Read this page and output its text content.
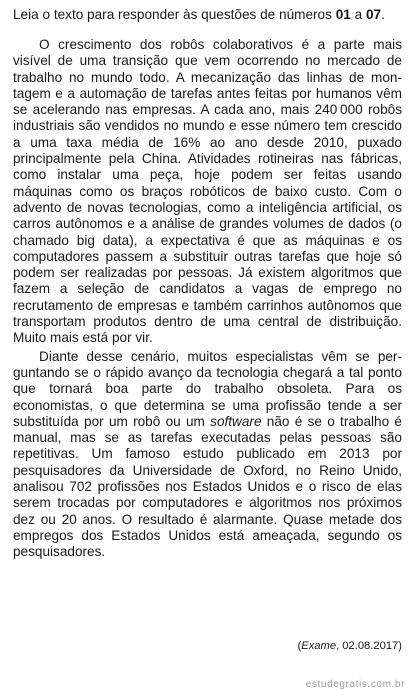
Leia o texto para responder às questões de números 01 a 07.

O crescimento dos robôs colaborativos é a parte mais visível de uma transição que vem ocorrendo no mercado de trabalho no mundo todo. A mecanização das linhas de montagem e a automação de tarefas antes feitas por humanos vêm se acelerando nas empresas. A cada ano, mais 240 000 robôs industriais são vendidos no mundo e esse número tem crescido a uma taxa média de 16% ao ano desde 2010, puxado principalmente pela China. Atividades rotineiras nas fábricas, como instalar uma peça, hoje podem ser feitas usando máquinas como os braços robóticos de baixo custo. Com o advento de novas tecnologias, como a inteligência artificial, os carros autônomos e a análise de grandes volumes de dados (o chamado big data), a expectativa é que as máquinas e os computadores passem a substituir outras tarefas que hoje só podem ser realizadas por pessoas. Já existem algoritmos que fazem a seleção de candidatos a vagas de emprego no recrutamento de empresas e também carrinhos autônomos que transportam produtos dentro de uma central de distribuição. Muito mais está por vir.

Diante desse cenário, muitos especialistas vêm se perguntando se o rápido avanço da tecnologia chegará a tal ponto que tornará boa parte do trabalho obsoleta. Para os economistas, o que determina se uma profissão tende a ser substituída por um robô ou um software não é se o trabalho é manual, mas se as tarefas executadas pelas pessoas são repetitivas. Um famoso estudo publicado em 2013 por pesquisadores da Universidade de Oxford, no Reino Unido, analisou 702 profissões nos Estados Unidos e o risco de elas serem trocadas por computadores e algoritmos nos próximos dez ou 20 anos. O resultado é alarmante. Quase metade dos empregos dos Estados Unidos está ameaçada, segundo os pesquisadores.

(Exame, 02.08.2017)
estudegratis.com.br
